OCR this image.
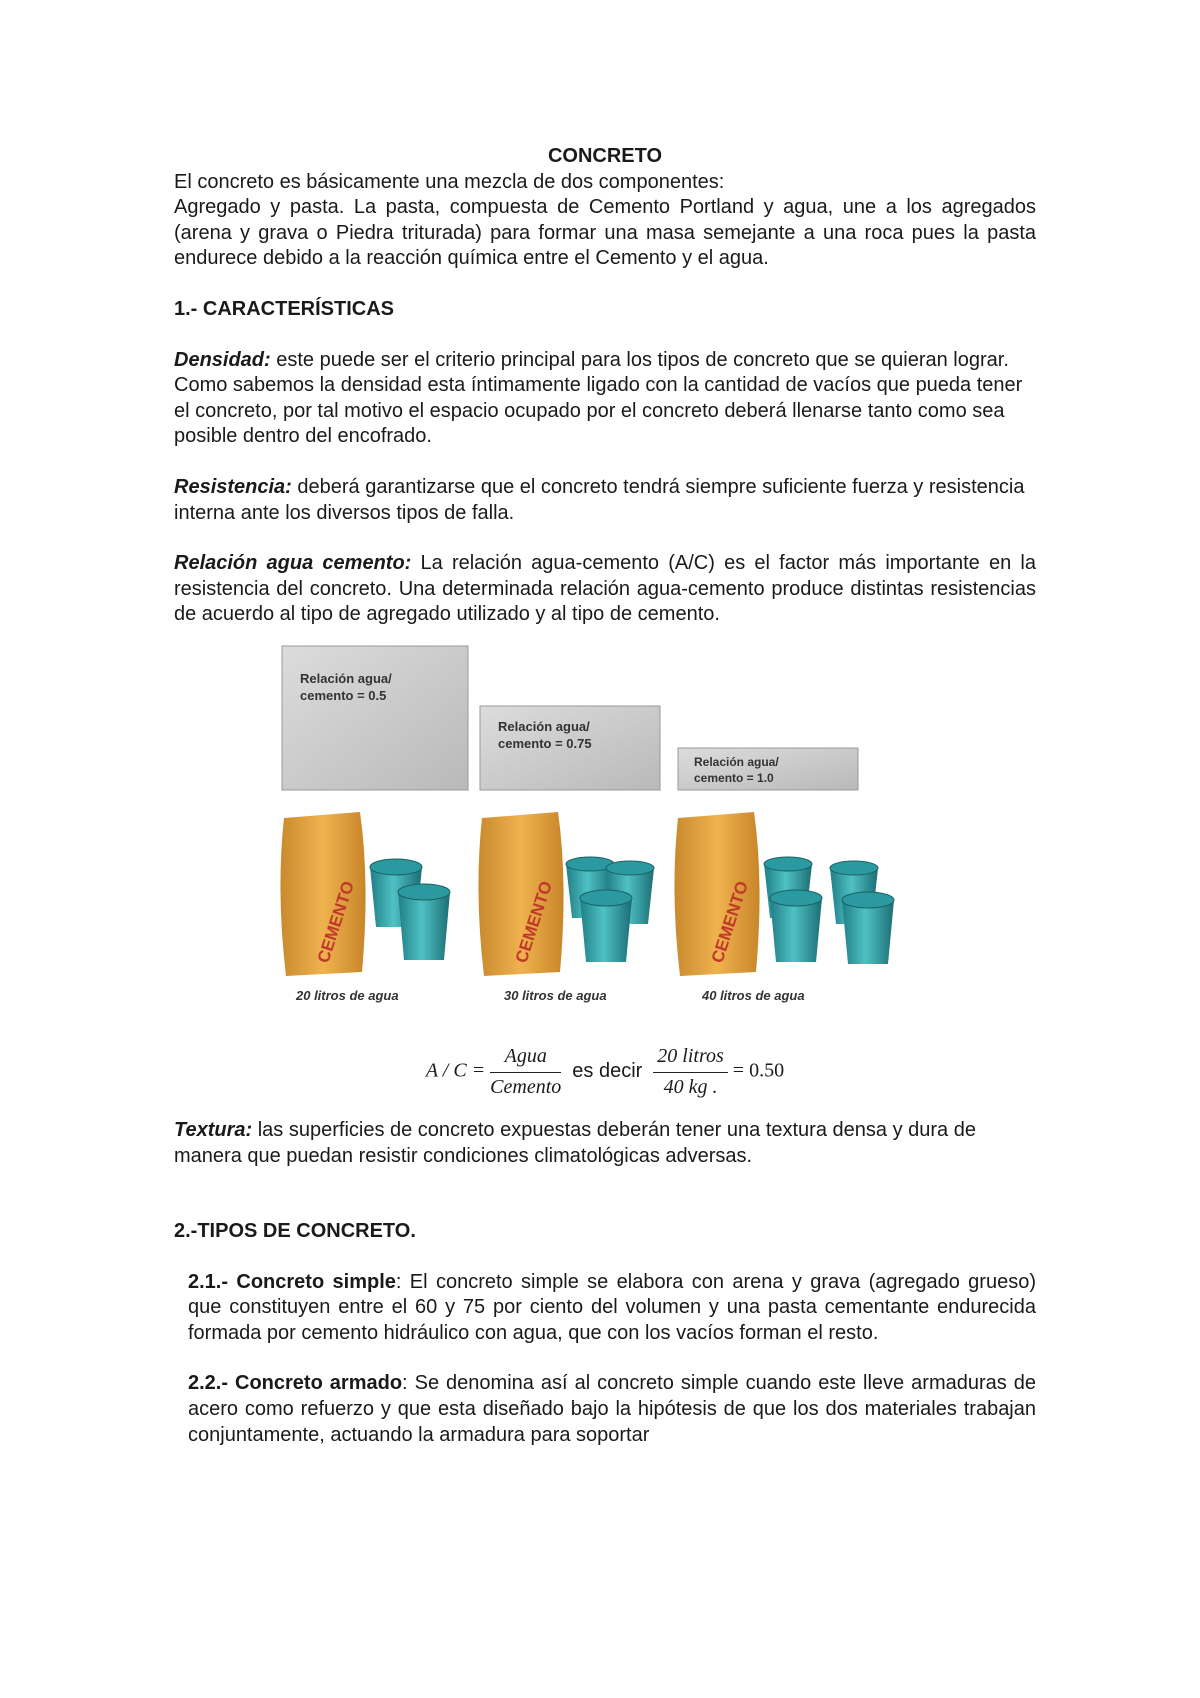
CONCRETO

El concreto es básicamente una mezcla de dos componentes:

Agregado y pasta. La pasta, compuesta de Cemento Portland y agua, une a los agregados (arena y grava o Piedra triturada) para formar una masa semejante a una roca pues la pasta endurece debido a la reacción química entre el Cemento y el agua.

1.- CARACTERÍSTICAS

Densidad: este puede ser el criterio principal para los tipos de concreto que se quieran lograr. Como sabemos la densidad esta íntimamente ligado con la cantidad de vacíos que pueda tener el concreto, por tal motivo el espacio ocupado por el concreto deberá llenarse tanto como sea posible dentro del encofrado.

Resistencia: deberá garantizarse que el concreto tendrá siempre suficiente fuerza y resistencia interna ante los diversos tipos de falla.

Relación agua cemento: La relación agua-cemento (A/C) es el factor más importante en la resistencia del concreto. Una determinada relación agua-cemento produce distintas resistencias de acuerdo al tipo de agregado utilizado y al tipo de cemento.

Relación agua/
cemento = 0.5
CEMENTO
20 litros de agua
Relación agua/
cemento = 0.75
CEMENTO
30 litros de agua
Relación agua/
cemento = 1.0
CEMENTO
40 litros de agua
$A / C = \frac{\text{Agua}}{\text{Cemento}}$ es decir $\frac{\text{20 litros}}{40 kg .} = 0.50$

Textura: las superficies de concreto expuestas deberán tener una textura densa y dura de manera que puedan resistir condiciones climatológicas adversas.

2.-TIPOS DE CONCRETO.

2.1.- Concreto simple: El concreto simple se elabora con arena y grava (agregado grueso) que constituyen entre el 60 y 75 por ciento del volumen y una pasta cementante endurecida formada por cemento hidráulico con agua, que con los vacíos forman el resto.

2.2.- Concreto armado: Se denomina así al concreto simple cuando este lleve armaduras de acero como refuerzo y que esta diseñado bajo la hipótesis de que los dos materiales trabajan conjuntamente, actuando la armadura para soportar
